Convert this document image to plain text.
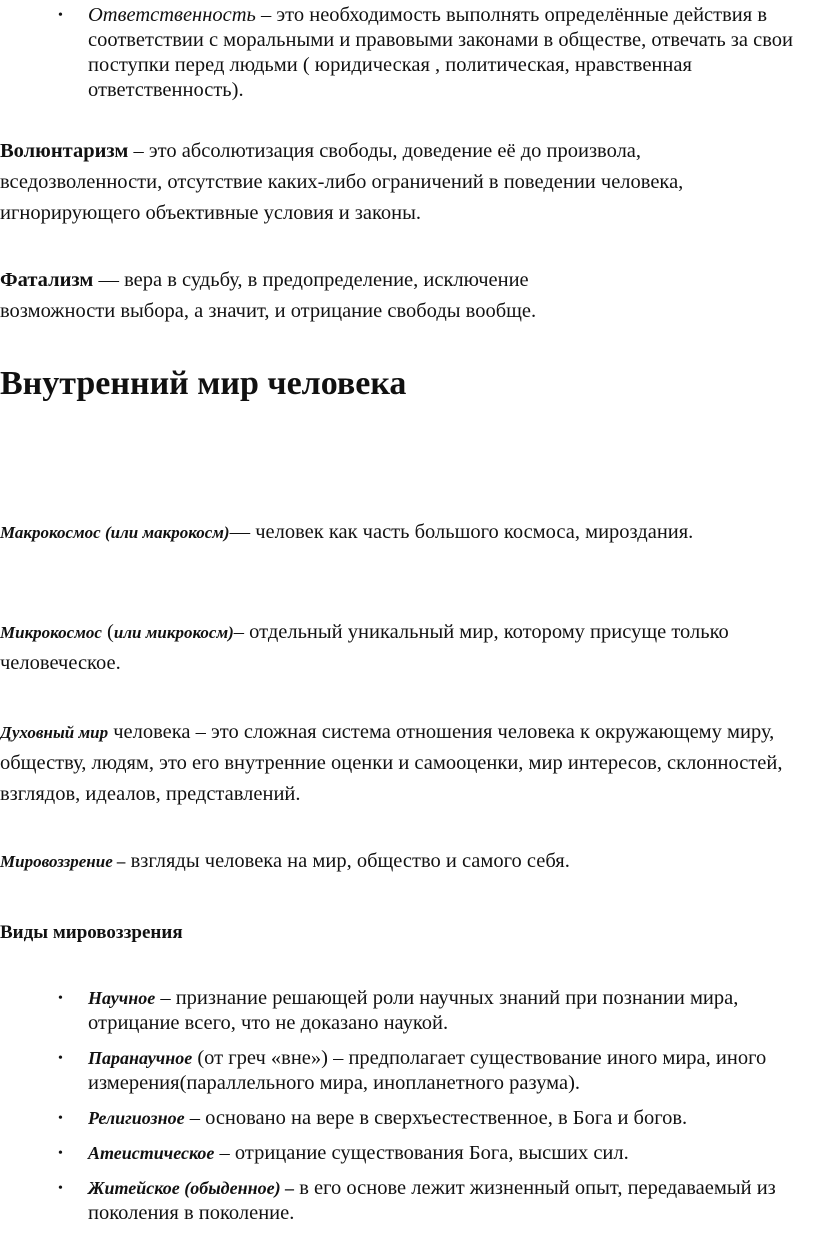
• Ответственность – это необходимость выполнять определённые действия в соответствии с моральными и правовыми законами в обществе, отвечать за свои поступки перед людьми ( юридическая , политическая, нравственная ответственность).
Волюнтаризм – это абсолютизация свободы, доведение её до произвола, вседозволенности, отсутствие каких-либо ограничений в поведении человека, игнорирующего объективные условия и законы.
Фатализм — вера в судьбу, в предопределение, исключение возможности выбора, а значит, и отрицание свободы вообще.
Внутренний мир человека
Макрокосмос (или макрокосм)— человек как часть большого космоса, мироздания.
Микрокосмос (или микрокосм)– отдельный уникальный мир, которому присуще только человеческое.
Духовный мир человека – это сложная система отношения человека к окружающему миру, обществу, людям, это его внутренние оценки и самооценки, мир интересов, склонностей, взглядов, идеалов, представлений.
Мировоззрение – взгляды человека на мир, общество и самого себя.
Виды мировоззрения
• Научное – признание решающей роли научных знаний при познании мира, отрицание всего, что не доказано наукой.
• Паранаучное (от греч «вне») – предполагает существование иного мира, иного измерения(параллельного мира, инопланетного разума).
• Религиозное – основано на вере в сверхъестественное, в Бога и богов.
• Атеистическое – отрицание существования Бога, высших сил.
• Житейское (обыденное) – в его основе лежит жизненный опыт, передаваемый из поколения в поколение.
